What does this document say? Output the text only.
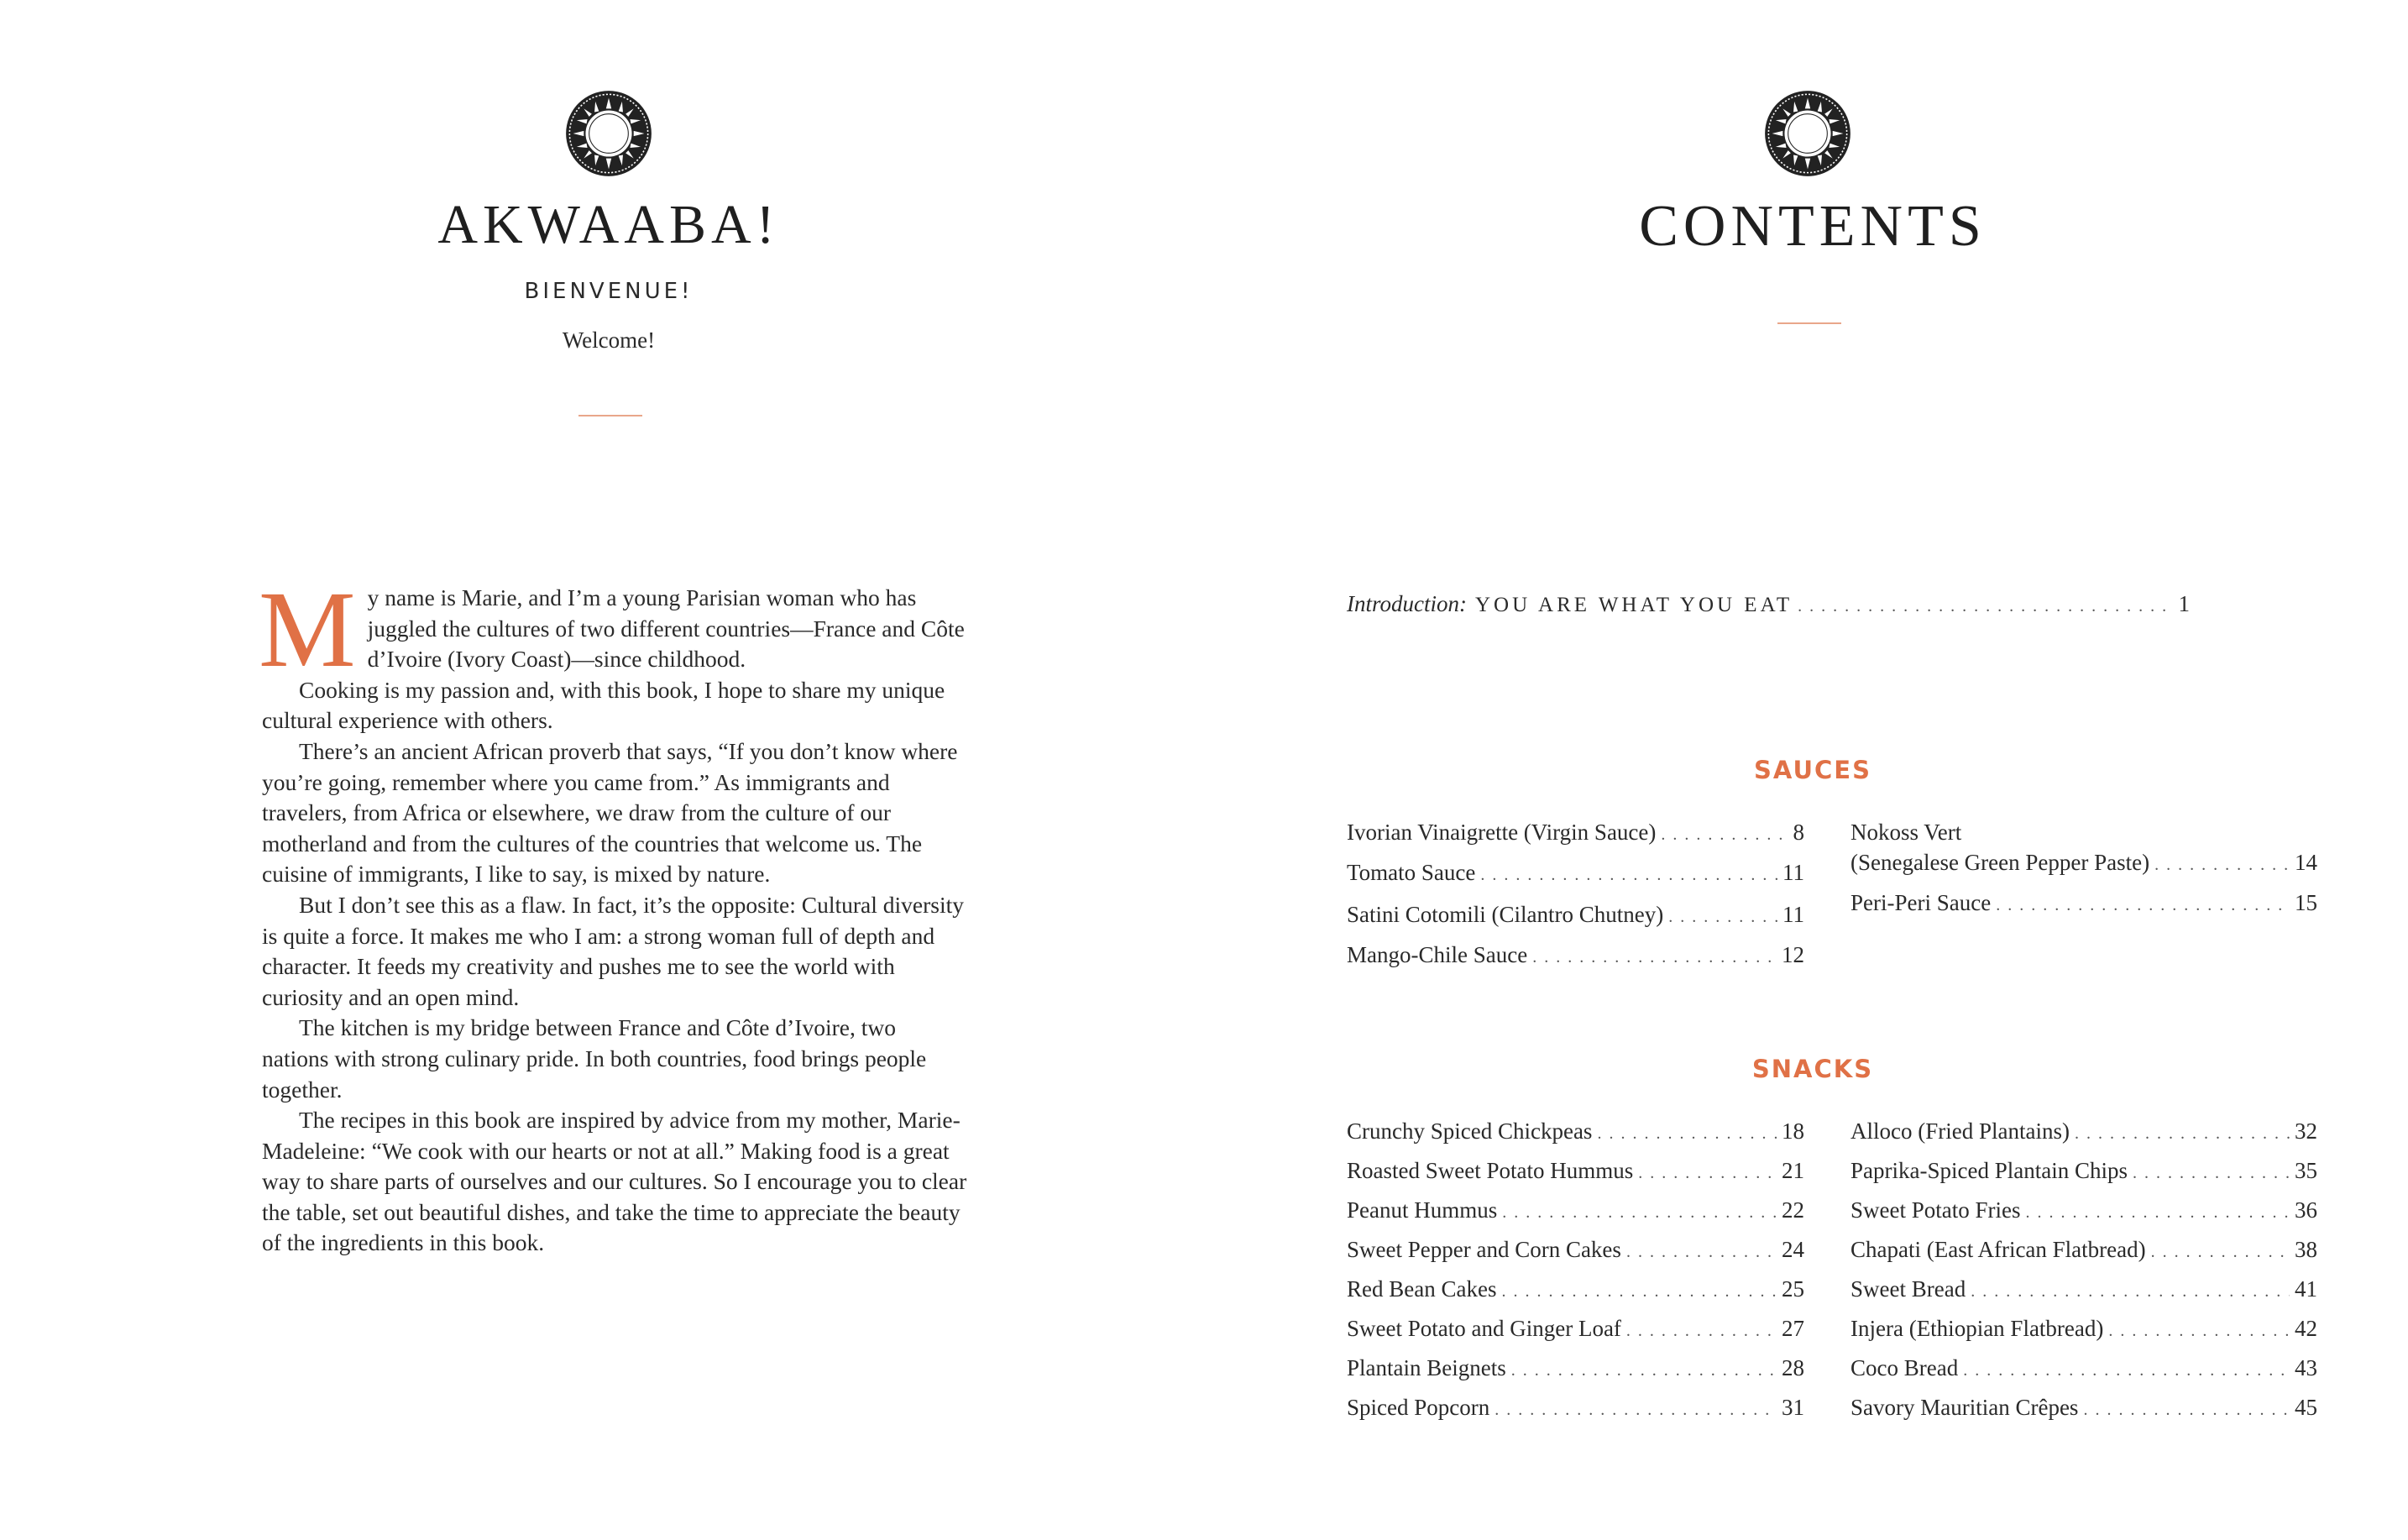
AKWAABA!
BIENVENUE!
Welcome!

My name is Marie, and I’m a young Parisian woman who has juggled the cultures of two different countries—France and Côte d’Ivoire (Ivory Coast)—since childhood.

Cooking is my passion and, with this book, I hope to share my unique cultural experience with others.

There’s an ancient African proverb that says, “If you don’t know where you’re going, remember where you came from.” As immigrants and travelers, from Africa or elsewhere, we draw from the culture of our motherland and from the cultures of the countries that welcome us. The cuisine of immigrants, I like to say, is mixed by nature.

But I don’t see this as a flaw. In fact, it’s the opposite: Cultural diversity is quite a force. It makes me who I am: a strong woman full of depth and character. It feeds my creativity and pushes me to see the world with curiosity and an open mind.

The kitchen is my bridge between France and Côte d’Ivoire, two nations with strong culinary pride. In both countries, food brings people together.

The recipes in this book are inspired by advice from my mother, Marie-Madeleine: “We cook with our hearts or not at all.” Making food is a great way to share parts of ourselves and our cultures. So I encourage you to clear the table, set out beautiful dishes, and take the time to appreciate the beauty of the ingredients in this book.

CONTENTS
Introduction: YOU ARE WHAT YOU EAT . . .	1
SAUCES
Ivorian Vinaigrette (Virgin Sauce) . . .	8
Tomato Sauce . . .	11
Satini Cotomili (Cilantro Chutney) . . .	11
Mango-Chile Sauce . . .	12
Nokoss Vert
(Senegalese Green Pepper Paste) . . .	14
Peri-Peri Sauce . . .	15
SNACKS
Crunchy Spiced Chickpeas . . .	18
Roasted Sweet Potato Hummus . . .	21
Peanut Hummus . . .	22
Sweet Pepper and Corn Cakes . . .	24
Red Bean Cakes . . .	25
Sweet Potato and Ginger Loaf . . .	27
Plantain Beignets . . .	28
Spiced Popcorn . . .	31
Alloco (Fried Plantains) . . .	32
Paprika-Spiced Plantain Chips . . .	35
Sweet Potato Fries . . .	36
Chapati (East African Flatbread) . . .	38
Sweet Bread . . .	41
Injera (Ethiopian Flatbread) . . .	42
Coco Bread . . .	43
Savory Mauritian Crêpes . . .	45
